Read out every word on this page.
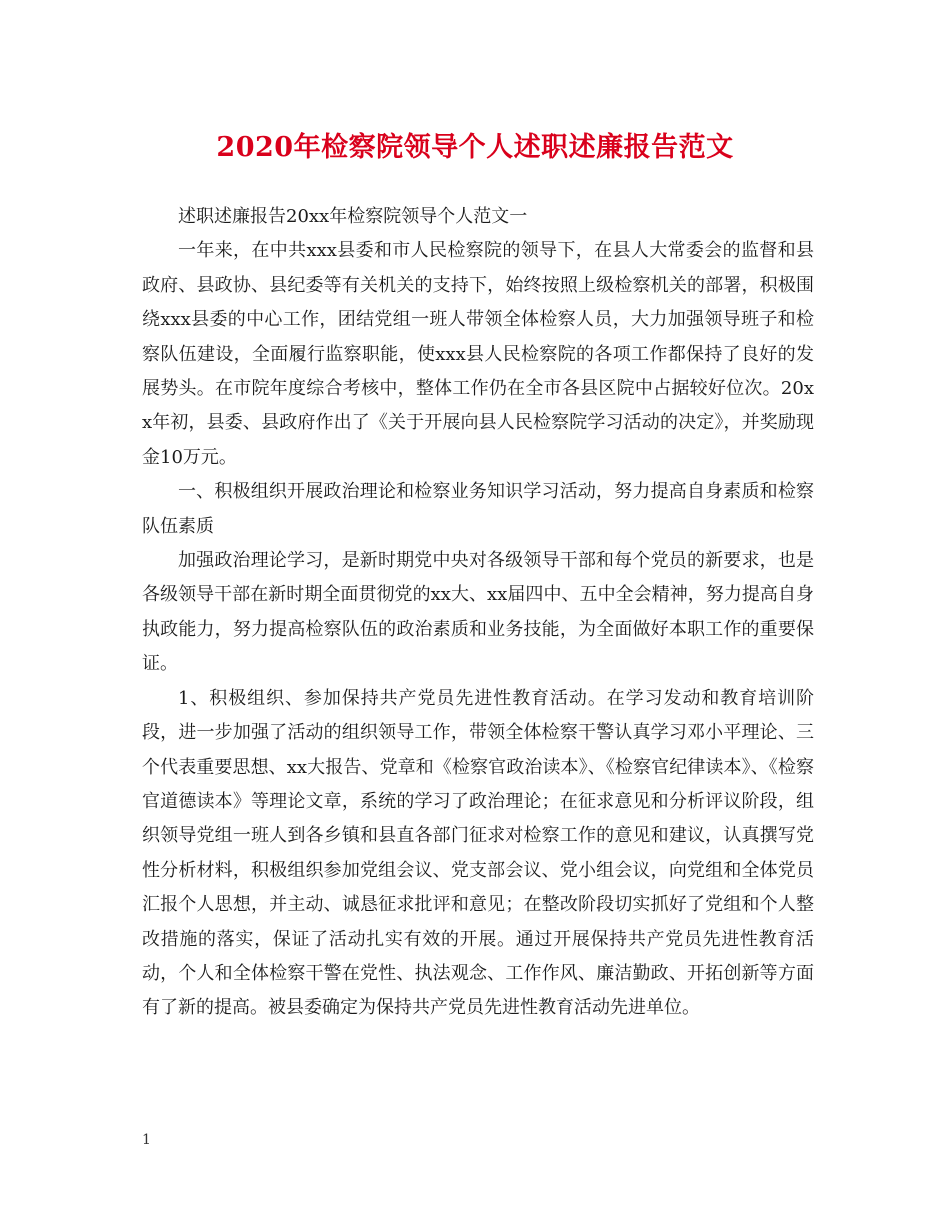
2020年检察院领导个人述职述廉报告范文

述职述廉报告20xx年检察院领导个人范文一

一年来，在中共xxx县委和市人民检察院的领导下，在县人大常委会的监督和县政府、县政协、县纪委等有关机关的支持下，始终按照上级检察机关的部署，积极围绕xxx县委的中心工作，团结党组一班人带领全体检察人员，大力加强领导班子和检察队伍建设，全面履行监察职能，使xxx县人民检察院的各项工作都保持了良好的发展势头。在市院年度综合考核中，整体工作仍在全市各县区院中占据较好位次。20xx年初，县委、县政府作出了《关于开展向县人民检察院学习活动的决定》，并奖励现金10万元。

一、积极组织开展政治理论和检察业务知识学习活动，努力提高自身素质和检察队伍素质

加强政治理论学习，是新时期党中央对各级领导干部和每个党员的新要求，也是各级领导干部在新时期全面贯彻党的xx大、xx届四中、五中全会精神，努力提高自身执政能力，努力提高检察队伍的政治素质和业务技能，为全面做好本职工作的重要保证。

1、积极组织、参加保持共产党员先进性教育活动。在学习发动和教育培训阶段，进一步加强了活动的组织领导工作，带领全体检察干警认真学习邓小平理论、三个代表重要思想、xx大报告、党章和《检察官政治读本》、《检察官纪律读本》、《检察官道德读本》等理论文章，系统的学习了政治理论；在征求意见和分析评议阶段，组织领导党组一班人到各乡镇和县直各部门征求对检察工作的意见和建议，认真撰写党性分析材料，积极组织参加党组会议、党支部会议、党小组会议，向党组和全体党员汇报个人思想，并主动、诚恳征求批评和意见；在整改阶段切实抓好了党组和个人整改措施的落实，保证了活动扎实有效的开展。通过开展保持共产党员先进性教育活动，个人和全体检察干警在党性、执法观念、工作作风、廉洁勤政、开拓创新等方面有了新的提高。被县委确定为保持共产党员先进性教育活动先进单位。

1
